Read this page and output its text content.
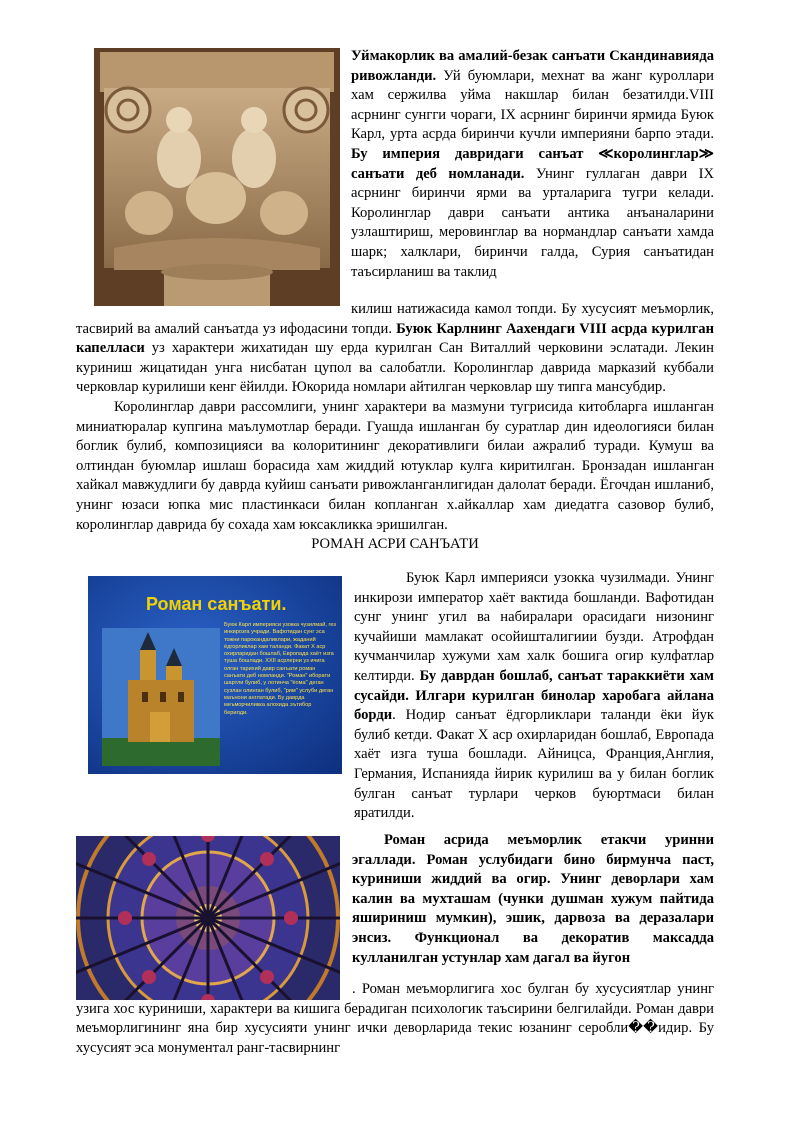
Уймакорлик ва амалий-безак санъати Скандинавияда ривожланди. Уй буюмлари, мехнат ва жанг куроллари хам сержилва уйма накшлар билан безатилди.VIII асрнинг сунгги чораги, IX асрнинг биринчи ярмида Буюк Карл, урта асрда биринчи кучли империяни барпо этади. Бу империя давридаги санъат ≪королинглар≫ санъати деб номланади. Унинг гуллаган даври IX асрнинг биринчи ярми ва урталарига тугри келади. Королинглар даври санъати антика анъаналарини узлаштириш, меровинглар ва нормандлар санъати хамда шарк; халклари, биринчи галда, Сурия санъатидан таъсирланиш ва таклид

килиш натижасида камол топди. Бу хусусият меъморлик, тасвирий ва амалий санъатда уз ифодасини топди. Буюк Карлнинг Аахендаги VIII асрда курилган капелласи уз характери жихатидан шу ерда курилган Сан Виталлий черковини эслатади. Лекин куриниш жицатидан унга нисбатан цупол ва салобатли. Королинглар даврида марказий куббали черковлар курилиши кенг ёйилди. Юкорида номлари айтилган черковлар шу типга мансубдир.

Королинглар даври рассомлиги, унинг характери ва мазмуни тугрисида китобларга ишланган миниатюралар купгина маълумотлар беради. Гуашда ишланган бу суратлар дин идеологияси билан боглик булиб, композицияси ва колоритининг декоративлиги билаи ажралиб туради. Кумуш ва олтиндан буюмлар ишлаш борасида хам жиддий ютуклар кулга киритилган. Бронзадан ишланган хайкал мавжудлиги бу даврда куйиш санъати ривожланганлигидан далолат беради. Ёгочдан ишланиб, унинг юзаси юпка мис пластинкаси билан копланган х.айкаллар хам диедатга сазовор булиб, королинглар даврида бу сохада хам юксакликка эришилган.

РОМАН АСРИ САНЪАТИ

Роман санъати.
Буюк Карл империяси узокка чузилмай, гез инкирозга учради. Вафотидан сунг эса тожни парокандаликлари, жаданий ёдгорликлар хам таланди. Факат X аср охирларидан бошлаб, Европада хаёт изга туша бошлади. XXII асрлерни уз ичига олган тарихий давр санъати роман санъати деб номланди. "Роман" иборати шартли булиб, у лотинча "ёома" деган сузлан олинган булиб, "рим" услуби деган маънони англатади. Бу даврда меъморчиликка алохида эътибор берилди.

Буюк Карл империяси узокка чузилмади. Унинг инкирози император хаёт вактида бошланди. Вафотидан сунг унинг угил ва набиралари орасидаги низонинг кучайиши мамлакат осойишталигиии бузди. Атрофдан кучманчилар хужуми хам халк бошига огир кулфатлар келтирди. Бу даврдан бошлаб, санъат тараккиёти хам сусайди. Илгари курилган бинолар харобага айлана борди. Нодир санъат ёдгорликлари таланди ёки йук булиб кетди. Факат X аср охирларидан бошлаб, Европада хаёт изга туша бошлади. Айницса, Франция,Англия, Германия, Испанияда йирик курилиш ва у билан боглик булган санъат турлари черков буюртмаси билан яратилди.

Роман асрида меъморлик етакчи уринни эгаллади. Роман услубидаги бино бирмунча паст, куриниши жиддий ва огир. Унинг деворлари хам калин ва мухташам (чунки душман хужум пайтида яшириниш мумкин), эшик, дарвоза ва деразалари энсиз. Функционал ва декоратив максадда кулланилган устунлар хам дагал ва йугон

. Роман меъморлигига хос булган бу хусусиятлар унинг узига хос куриниши, характери ва кишига берадиган психологик таъсирини белгилайди. Роман даври меъморлигининг яна бир хусусияти унинг ички деворларида текис юзанинг серобли��идир. Бу хусусият эса монументал ранг-тасвирнинг
